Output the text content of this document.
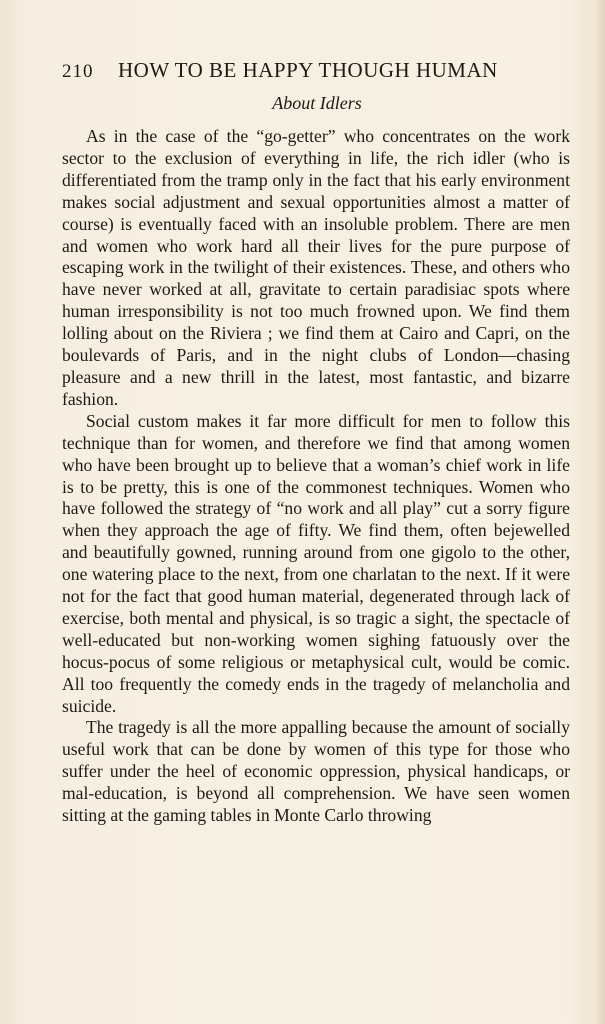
210	HOW TO BE HAPPY THOUGH HUMAN
About Idlers

As in the case of the “go-getter” who concentrates on the work sector to the exclusion of everything in life, the rich idler (who is differentiated from the tramp only in the fact that his early environment makes social adjustment and sexual opportunities almost a matter of course) is eventually faced with an insoluble problem. There are men and women who work hard all their lives for the pure purpose of escaping work in the twilight of their existences. These, and others who have never worked at all, gravitate to certain paradisiac spots where human irresponsibility is not too much frowned upon. We find them lolling about on the Riviera ; we find them at Cairo and Capri, on the boulevards of Paris, and in the night clubs of London—chasing pleasure and a new thrill in the latest, most fantastic, and bizarre fashion.

Social custom makes it far more difficult for men to follow this technique than for women, and therefore we find that among women who have been brought up to believe that a woman’s chief work in life is to be pretty, this is one of the commonest techniques. Women who have followed the strategy of “no work and all play” cut a sorry figure when they approach the age of fifty. We find them, often bejewelled and beautifully gowned, running around from one gigolo to the other, one watering place to the next, from one charlatan to the next. If it were not for the fact that good human material, degenerated through lack of exercise, both mental and physical, is so tragic a sight, the spectacle of well-educated but non-working women sighing fatuously over the hocus-pocus of some religious or metaphysical cult, would be comic. All too frequently the comedy ends in the tragedy of melancholia and suicide.

The tragedy is all the more appalling because the amount of socially useful work that can be done by women of this type for those who suffer under the heel of economic oppression, physical handicaps, or mal-education, is beyond all comprehension. We have seen women sitting at the gaming tables in Monte Carlo throwing
